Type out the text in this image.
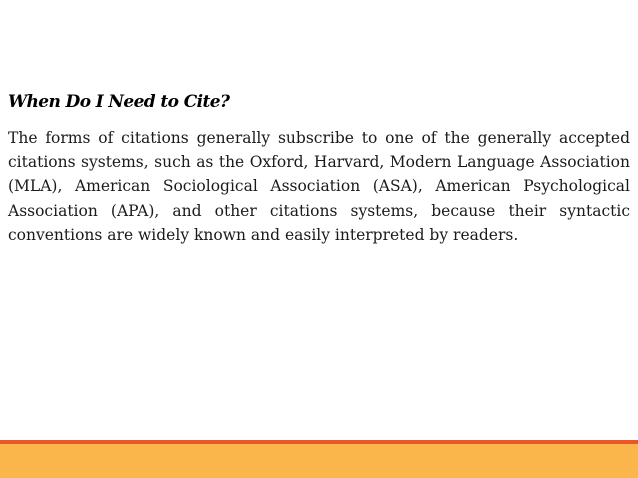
When Do I Need to Cite?

The forms of citations generally subscribe to one of the generally accepted citations systems, such as the Oxford, Harvard, Modern Language Association (MLA), American Sociological Association (ASA), American Psychological Association (APA), and other citations systems, because their syntactic conventions are widely known and easily interpreted by readers.
